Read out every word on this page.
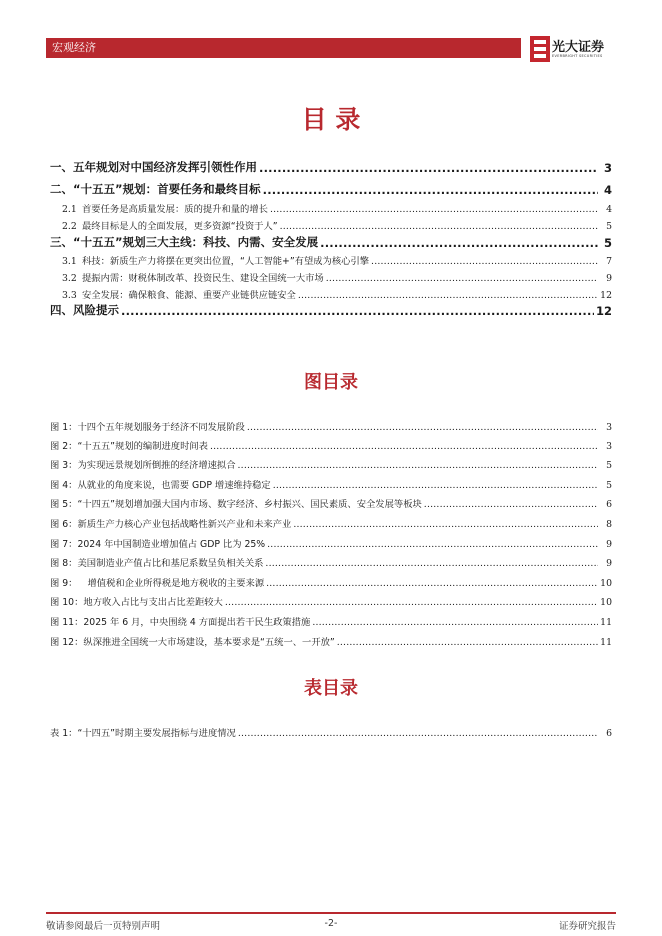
宏观经济	光大证券
EVERBRIGHT SECURITIES
目 录
一、五年规划对中国经济发挥引领性作用 .....	3
二、“十五五”规划：首要任务和最终目标 .....	4
2.1 首要任务是高质量发展：质的提升和量的增长 .....	4
2.2 最终目标是人的全面发展，更多资源“投资于人” .....	5
三、“十五五”规划三大主线：科技、内需、安全发展 .....	5
3.1 科技：新质生产力将摆在更突出位置，“人工智能+”有望成为核心引擎 .....	7
3.2 提振内需：财税体制改革、投资民生、建设全国统一大市场 .....	9
3.3 安全发展：确保粮食、能源、重要产业链供应链安全 .....	12
四、风险提示 .....	12
图目录
图 1： 十四个五年规划服务于经济不同发展阶段 .....	3
图 2： “十五五”规划的编制进度时间表 .....	3
图 3： 为实现远景规划所倒推的经济增速拟合 .....	5
图 4： 从就业的角度来说，也需要 GDP 增速维持稳定 .....	5
图 5： “十四五”规划增加强大国内市场、数字经济、乡村振兴、国民素质、安全发展等板块 .....	6
图 6： 新质生产力核心产业包括战略性新兴产业和未来产业 .....	8
图 7： 2024 年中国制造业增加值占 GDP 比为 25% .....	9
图 8： 美国制造业产值占比和基尼系数呈负相关关系 .....	9
图 9： 增值税和企业所得税是地方税收的主要来源 .....	10
图 10： 地方收入占比与支出占比差距较大 .....	10
图 11： 2025 年 6 月，中央围绕 4 方面提出若干民生政策措施 .....	11
图 12： 纵深推进全国统一大市场建设，基本要求是“五统一、一开放” .....	11
表目录
表 1： “十四五”时期主要发展指标与进度情况 .....	6
敬请参阅最后一页特别声明	-2-	证券研究报告
